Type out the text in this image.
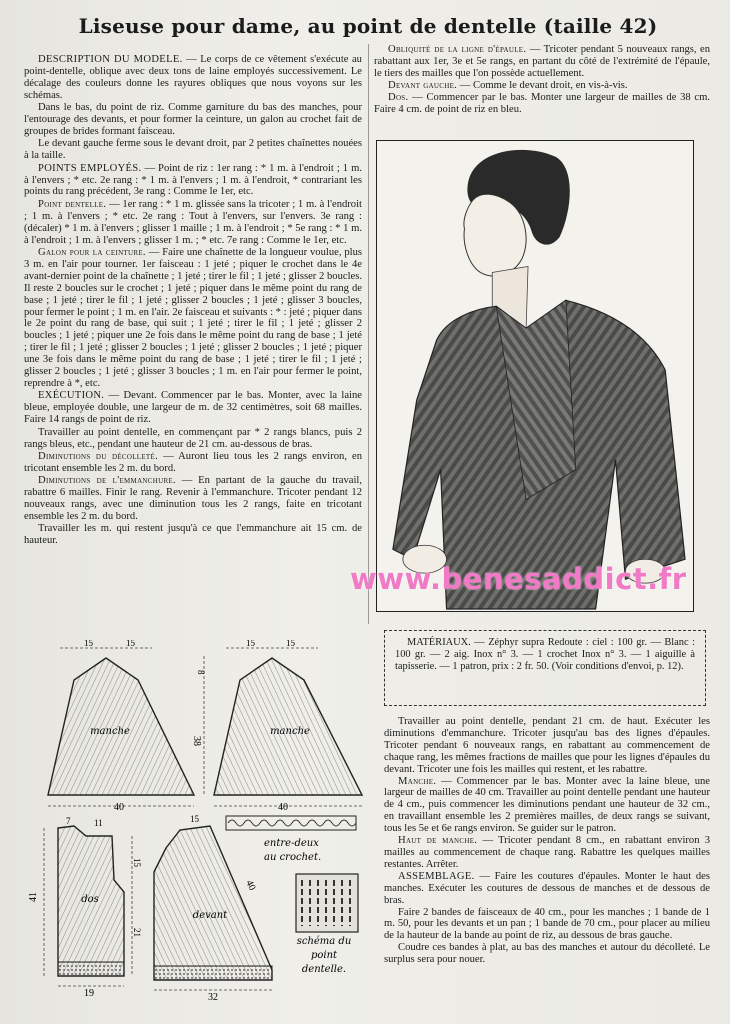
Liseuse pour dame, au point de dentelle (taille 42)

DESCRIPTION DU MODÈLE. — Le corps de ce vêtement s'exécute au point-dentelle, oblique avec deux tons de laine employés successivement. Le décalage des couleurs donne les rayures obliques que nous voyons sur les schémas.

Dans le bas, du point de riz. Comme garniture du bas des manches, pour l'entourage des devants, et pour former la ceinture, un galon au crochet fait de groupes de brides formant faisceau.

Le devant gauche ferme sous le devant droit, par 2 petites chaînettes nouées à la taille.

POINTS EMPLOYÉS. — Point de riz : 1er rang : * 1 m. à l'endroit ; 1 m. à l'envers ; * etc. 2e rang : * 1 m. à l'envers ; 1 m. à l'endroit, * contrariant les points du rang précédent, 3e rang : Comme le 1er, etc.

Point dentelle. — 1er rang : * 1 m. glissée sans la tricoter ; 1 m. à l'endroit ; 1 m. à l'envers ; * etc. 2e rang : Tout à l'envers, sur l'envers. 3e rang : (décaler) * 1 m. à l'envers ; glisser 1 maille ; 1 m. à l'endroit ; * 5e rang : * 1 m. à l'endroit ; 1 m. à l'envers ; glisser 1 m. ; * etc. 7e rang : Comme le 1er, etc.

Galon pour la ceinture. — Faire une chaînette de la longueur voulue, plus 3 m. en l'air pour tourner. 1er faisceau : 1 jeté ; piquer le crochet dans le 4e avant-dernier point de la chaînette ; 1 jeté ; tirer le fil ; 1 jeté ; glisser 2 boucles. Il reste 2 boucles sur le crochet ; 1 jeté ; piquer dans le même point du rang de base ; 1 jeté ; tirer le fil ; 1 jeté ; glisser 2 boucles ; 1 jeté ; glisser 3 boucles, pour fermer le point ; 1 m. en l'air. 2e faisceau et suivants : * : jeté ; piquer dans le 2e point du rang de base, qui suit ; 1 jeté ; tirer le fil ; 1 jeté ; glisser 2 boucles ; 1 jeté ; piquer une 2e fois dans le même point du rang de base ; 1 jeté ; tirer le fil ; 1 jeté ; glisser 2 boucles ; 1 jeté ; glisser 2 boucles ; 1 jeté ; piquer une 3e fois dans le même point du rang de base ; 1 jeté ; tirer le fil ; 1 jeté ; glisser 2 boucles ; 1 jeté ; glisser 3 boucles ; 1 m. en l'air pour fermer le point, reprendre à *, etc.

EXÉCUTION. — Devant. Commencer par le bas. Monter, avec la laine bleue, employée double, une largeur de m. de 32 centimètres, soit 68 mailles. Faire 14 rangs de point de riz.

Travailler au point dentelle, en commençant par * 2 rangs blancs, puis 2 rangs bleus, etc., pendant une hauteur de 21 cm. au-dessous de bras.

Diminutions du décolleté. — Auront lieu tous les 2 rangs environ, en tricotant ensemble les 2 m. du bord.

Diminutions de l'emmanchure. — En partant de la gauche du travail, rabattre 6 mailles. Finir le rang. Revenir à l'emmanchure. Tricoter pendant 12 nouveaux rangs, avec une diminution tous les 2 rangs, faite en tricotant ensemble les 2 m. du bord.

Travailler les m. qui restent jusqu'à ce que l'emmanchure ait 15 cm. de hauteur.

Obliquité de la ligne d'épaule. — Tricoter pendant 5 nouveaux rangs, en rabattant aux 1er, 3e et 5e rangs, en partant du côté de l'extrémité de l'épaule, le tiers des mailles que l'on possède actuellement.

Devant gauche. — Comme le devant droit, en vis-à-vis.

Dos. — Commencer par le bas. Monter une largeur de mailles de 38 cm. Faire 4 cm. de point de riz en bleu.

www.benesaddict.fr

MATÉRIAUX. — Zéphyr supra Redoute : ciel : 100 gr. — Blanc : 100 gr. — 2 aig. Inox n° 3. — 1 crochet Inox n° 3. — 1 aiguille à tapisserie. — 1 patron, prix : 2 fr. 50. (Voir conditions d'envoi, p. 12).

Travailler au point dentelle, pendant 21 cm. de haut. Exécuter les diminutions d'emmanchure. Tricoter jusqu'au bas des lignes d'épaules. Tricoter pendant 6 nouveaux rangs, en rabattant au commencement de chaque rang, les mêmes fractions de mailles que pour les lignes d'épaules du devant. Tricoter une fois les mailles qui restent, et les rabattre.

Manche. — Commencer par le bas. Monter avec la laine bleue, une largeur de mailles de 40 cm. Travailler au point dentelle pendant une hauteur de 4 cm., puis commencer les diminutions pendant une hauteur de 32 cm., en travaillant ensemble les 2 premières mailles, de deux rangs se suivant, tous les 5e et 6e rangs environ. Se guider sur le patron.

Haut de manche. — Tricoter pendant 8 cm., en rabattant environ 3 mailles au commencement de chaque rang. Rabattre les quelques mailles restantes. Arrêter.

ASSEMBLAGE. — Faire les coutures d'épaules. Monter le haut des manches. Exécuter les coutures de dessous de manches et de dessous de bras.

Faire 2 bandes de faisceaux de 40 cm., pour les manches ; 1 bande de 1 m. 50, pour les devants et un pan ; 1 bande de 70 cm., pour placer au milieu de la hauteur de la bande au point de riz, au dessous de bras gauche.

Coudre ces bandes à plat, au bas des manches et autour du décolleté. Le surplus sera pour nouer.

manche
15	15
40
8
38
manche
15	15
40
dos
7	11
41
15
21
19
devant
15
40
32
entre-deux
au crochet.
schéma du
point
dentelle.
